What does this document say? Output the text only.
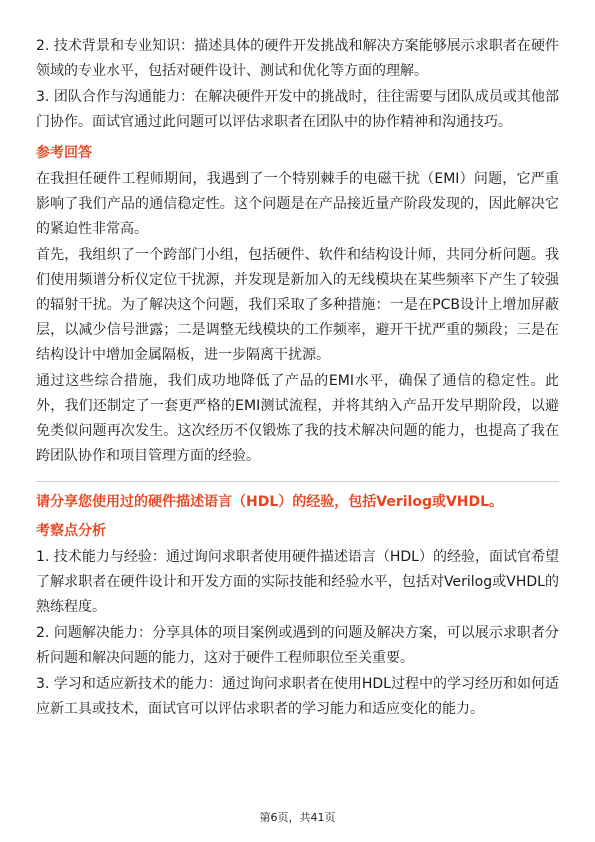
2. 技术背景和专业知识：描述具体的硬件开发挑战和解决方案能够展示求职者在硬件领域的专业水平，包括对硬件设计、测试和优化等方面的理解。

3. 团队合作与沟通能力：在解决硬件开发中的挑战时，往往需要与团队成员或其他部门协作。面试官通过此问题可以评估求职者在团队中的协作精神和沟通技巧。

参考回答

在我担任硬件工程师期间，我遇到了一个特别棘手的电磁干扰（EMI）问题，它严重影响了我们产品的通信稳定性。这个问题是在产品接近量产阶段发现的，因此解决它的紧迫性非常高。

首先，我组织了一个跨部门小组，包括硬件、软件和结构设计师，共同分析问题。我们使用频谱分析仪定位干扰源，并发现是新加入的无线模块在某些频率下产生了较强的辐射干扰。为了解决这个问题，我们采取了多种措施：一是在PCB设计上增加屏蔽层，以减少信号泄露；二是调整无线模块的工作频率，避开干扰严重的频段；三是在结构设计中增加金属隔板，进一步隔离干扰源。

通过这些综合措施，我们成功地降低了产品的EMI水平，确保了通信的稳定性。此外，我们还制定了一套更严格的EMI测试流程，并将其纳入产品开发早期阶段，以避免类似问题再次发生。这次经历不仅锻炼了我的技术解决问题的能力，也提高了我在跨团队协作和项目管理方面的经验。

请分享您使用过的硬件描述语言（HDL）的经验，包括Verilog或VHDL。
考察点分析

1. 技术能力与经验：通过询问求职者使用硬件描述语言（HDL）的经验，面试官希望了解求职者在硬件设计和开发方面的实际技能和经验水平，包括对Verilog或VHDL的熟练程度。

2. 问题解决能力：分享具体的项目案例或遇到的问题及解决方案，可以展示求职者分析问题和解决问题的能力，这对于硬件工程师职位至关重要。

3. 学习和适应新技术的能力：通过询问求职者在使用HDL过程中的学习经历和如何适应新工具或技术，面试官可以评估求职者的学习能力和适应变化的能力。

第6页，共41页
